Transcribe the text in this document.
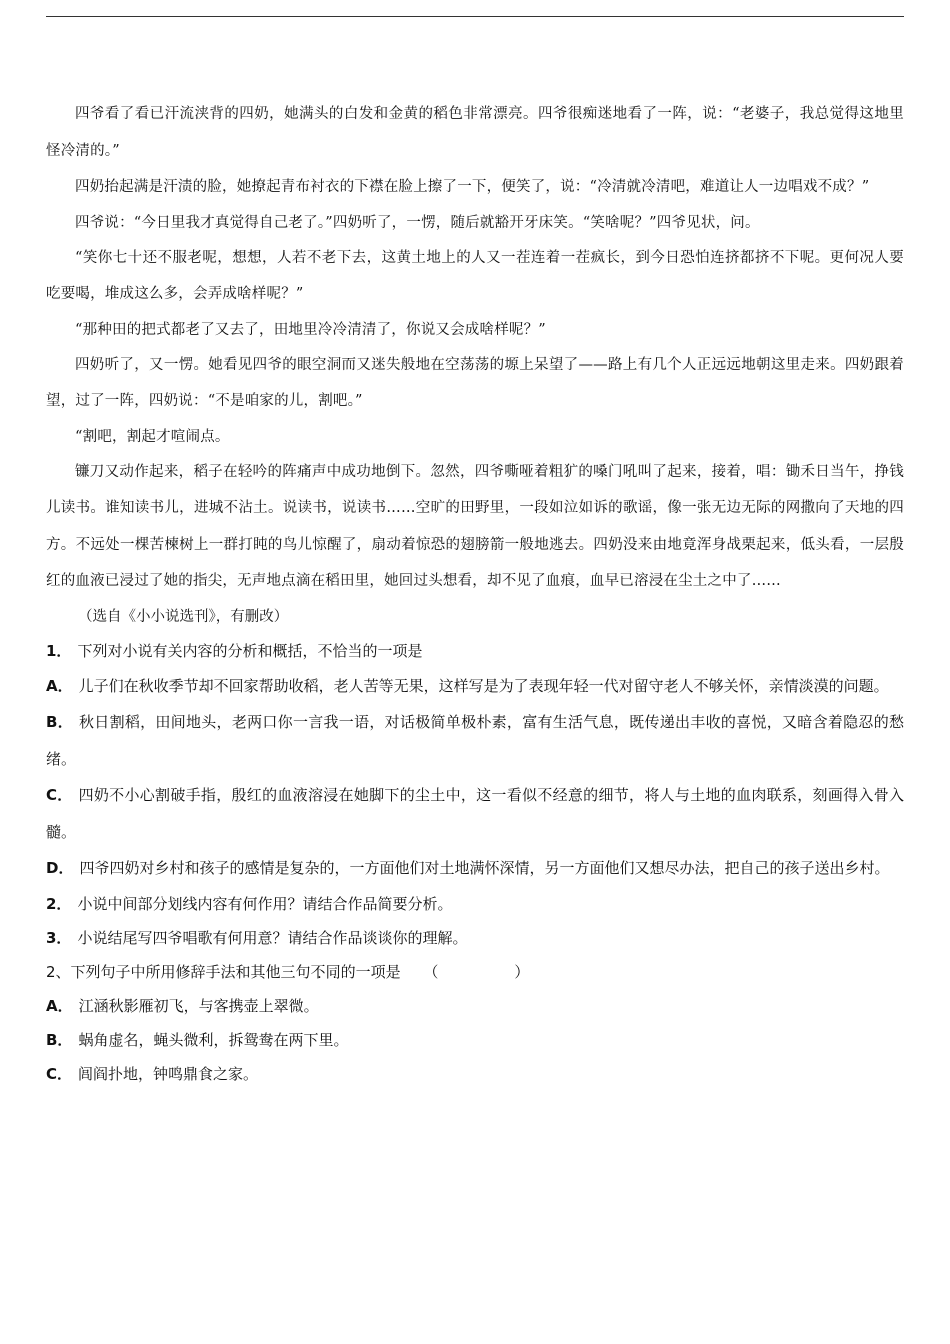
四爷看了看已汗流浃背的四奶，她满头的白发和金黄的稻色非常漂亮。四爷很痴迷地看了一阵，说：“老婆子，我总觉得这地里怪冷清的。”

四奶抬起满是汗渍的脸，她撩起青布衬衣的下襟在脸上擦了一下，便笑了，说：“冷清就冷清吧，难道让人一边唱戏不成？”

四爷说：“今日里我才真觉得自己老了。”四奶听了，一愣，随后就豁开牙床笑。“笑啥呢？”四爷见状，问。

“笑你七十还不服老呢，想想，人若不老下去，这黄土地上的人又一茬连着一茬疯长，到今日恐怕连挤都挤不下呢。更何况人要吃要喝，堆成这么多，会弄成啥样呢？”

“那种田的把式都老了又去了，田地里冷冷清清了，你说又会成啥样呢？”

四奶听了，又一愣。她看见四爷的眼空洞而又迷失般地在空荡荡的塬上呆望了——路上有几个人正远远地朝这里走来。四奶跟着望，过了一阵，四奶说：“不是咱家的儿，割吧。”

“割吧，割起才喧闹点。

镰刀又动作起来，稻子在轻吟的阵痛声中成功地倒下。忽然，四爷嘶哑着粗犷的嗓门吼叫了起来，接着，唱：锄禾日当午，挣钱儿读书。谁知读书儿，进城不沾土。说读书，说读书……空旷的田野里，一段如泣如诉的歌谣，像一张无边无际的网撒向了天地的四方。不远处一棵苦楝树上一群打盹的鸟儿惊醒了，扇动着惊恐的翅膀箭一般地逃去。四奶没来由地竟浑身战栗起来，低头看，一层殷红的血液已浸过了她的指尖，无声地点滴在稻田里，她回过头想看，却不见了血痕，血早已溶浸在尘土之中了……

（选自《小小说选刊》，有删改）

1． 下列对小说有关内容的分析和概括，不恰当的一项是

A． 儿子们在秋收季节却不回家帮助收稻，老人苦等无果，这样写是为了表现年轻一代对留守老人不够关怀，亲情淡漠的问题。

B． 秋日割稻，田间地头，老两口你一言我一语，对话极简单极朴素，富有生活气息，既传递出丰收的喜悦，又暗含着隐忍的愁绪。

C． 四奶不小心割破手指，殷红的血液溶浸在她脚下的尘土中，这一看似不经意的细节，将人与土地的血肉联系，刻画得入骨入髓。

D． 四爷四奶对乡村和孩子的感情是复杂的，一方面他们对土地满怀深情，另一方面他们又想尽办法，把自己的孩子送出乡村。

2． 小说中间部分划线内容有何作用？请结合作品简要分析。

3． 小说结尾写四爷唱歌有何用意？请结合作品谈谈你的理解。

2、下列句子中所用修辞手法和其他三句不同的一项是 （	）

A． 江涵秋影雁初飞，与客携壶上翠微。

B． 蜗角虚名，蝇头微利，拆鸳鸯在两下里。

C． 闾阎扑地，钟鸣鼎食之家。
